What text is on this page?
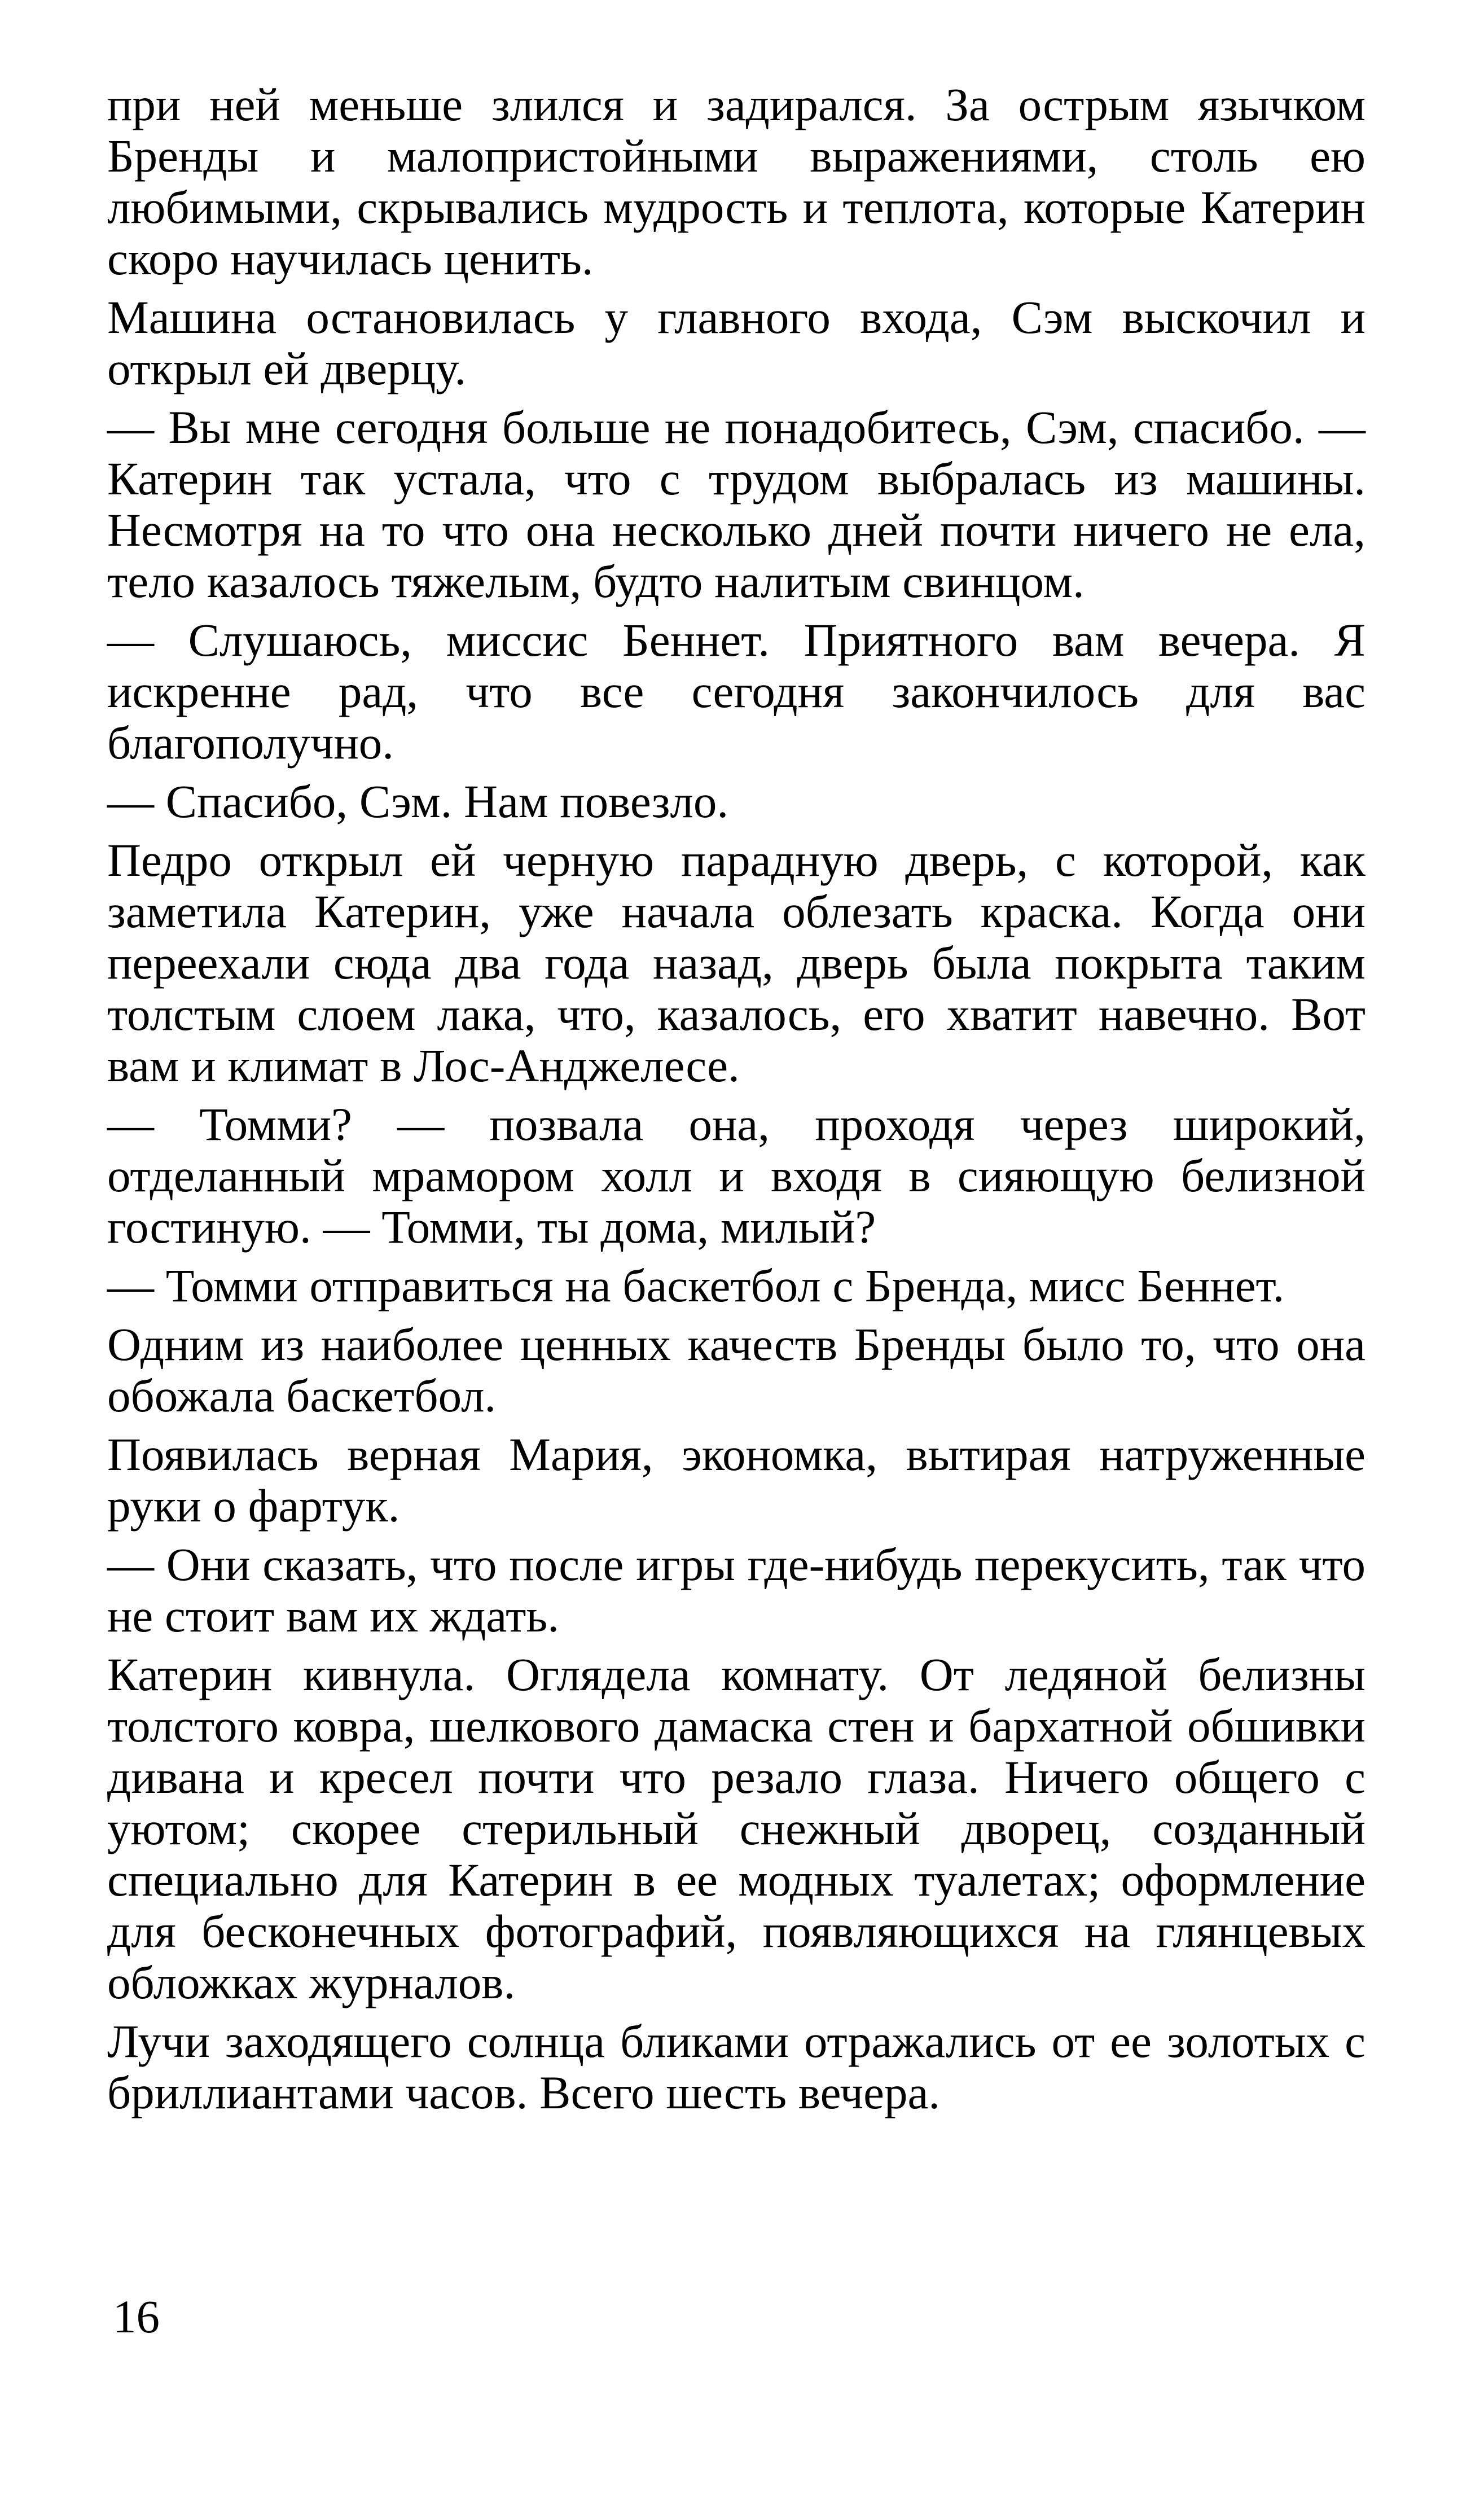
при ней меньше злился и задирался. За острым язычком Бренды и малопристойными выражениями, столь ею любимыми, скрывались мудрость и теплота, которые Катерин скоро научилась ценить.

Машина остановилась у главного входа, Сэм выскочил и открыл ей дверцу.

— Вы мне сегодня больше не понадобитесь, Сэм, спасибо. — Катерин так устала, что с трудом выбралась из машины. Несмотря на то что она несколько дней почти ничего не ела, тело казалось тяжелым, будто налитым свинцом.

— Слушаюсь, миссис Беннет. Приятного вам вечера. Я искренне рад, что все сегодня закончилось для вас благополучно.

— Спасибо, Сэм. Нам повезло.

Педро открыл ей черную парадную дверь, с которой, как заметила Катерин, уже начала облезать краска. Когда они переехали сюда два года назад, дверь была покрыта таким толстым слоем лака, что, казалось, его хватит навечно. Вот вам и климат в Лос-Анджелесе.

— Томми? — позвала она, проходя через широкий, отделанный мрамором холл и входя в сияющую белизной гостиную. — Томми, ты дома, милый?

— Томми отправиться на баскетбол с Бренда, мисс Беннет.

Одним из наиболее ценных качеств Бренды было то, что она обожала баскетбол.

Появилась верная Мария, экономка, вытирая натруженные руки о фартук.

— Они сказать, что после игры где-нибудь перекусить, так что не стоит вам их ждать.

Катерин кивнула. Оглядела комнату. От ледяной белизны толстого ковра, шелкового дамаска стен и бархатной обшивки дивана и кресел почти что резало глаза. Ничего общего с уютом; скорее стерильный снежный дворец, созданный специально для Катерин в ее модных туалетах; оформление для бесконечных фотографий, появляющихся на глянцевых обложках журналов.

Лучи заходящего солнца бликами отражались от ее золотых с бриллиантами часов. Всего шесть вечера.

16
